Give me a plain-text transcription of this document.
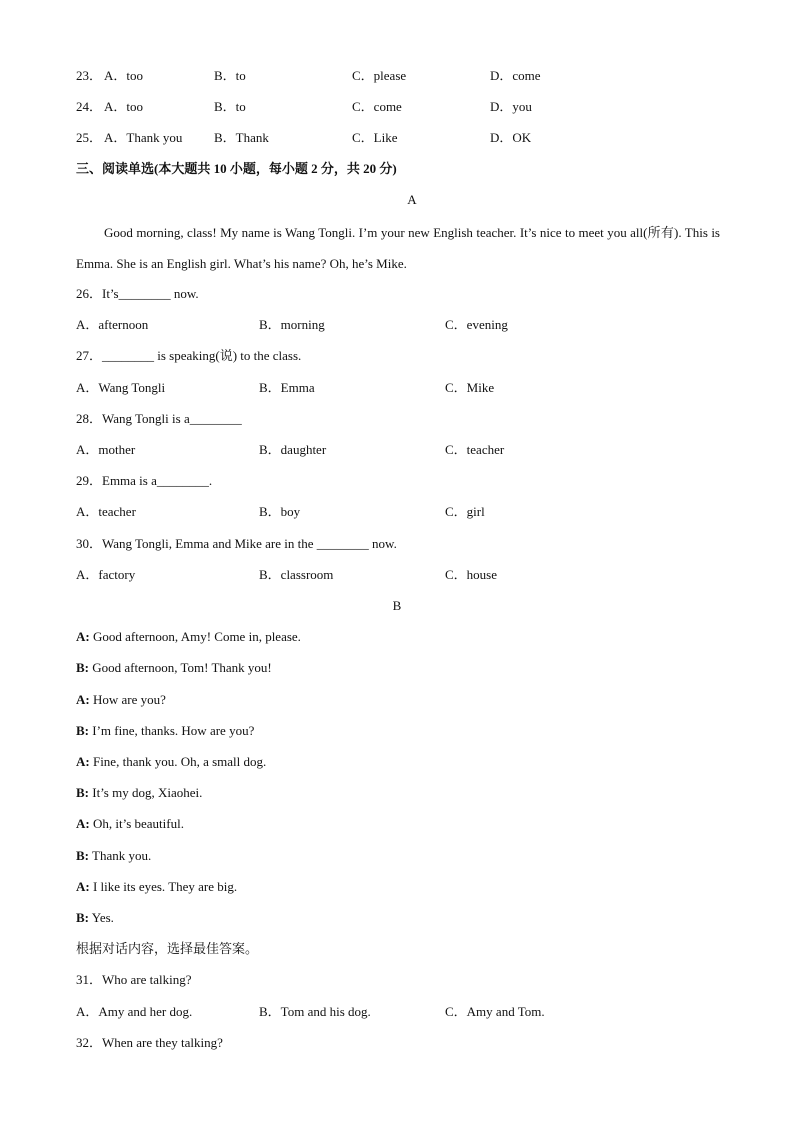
23． A．too	B．to	C．please	D．come
24． A．too	B．to	C．come	D．you
25． A．Thank you B．Thank	C．Like	D．OK
三、阅读单选(本大题共 10 小题，每小题 2 分，共 20 分)
A
Good morning, class! My name is Wang Tongli. I’m your new English teacher. It’s nice to meet you all(所有). This is Emma. She is an English girl. What’s his name? Oh, he’s Mike.
26．It’s________ now.
A．afternoon	B．morning	C．evening
27．________ is speaking(说) to the class.
A．Wang Tongli	B．Emma	C．Mike
28．Wang Tongli is a________
A．mother	B．daughter	C．teacher
29．Emma is a________.
A．teacher	B．boy	C．girl
30．Wang Tongli, Emma and Mike are in the ________ now.
A．factory	B．classroom	C．house
B
A: Good afternoon, Amy! Come in, please.
B: Good afternoon, Tom! Thank you!
A: How are you?
B: I’m fine, thanks. How are you?
A: Fine, thank you. Oh, a small dog.
B: It’s my dog, Xiaohei.
A: Oh, it’s beautiful.
B: Thank you.
A: I like its eyes. They are big.
B: Yes.
根据对话内容，选择最佳答案。
31．Who are talking?
A．Amy and her dog.	B．Tom and his dog.	C．Amy and Tom.
32．When are they talking?
